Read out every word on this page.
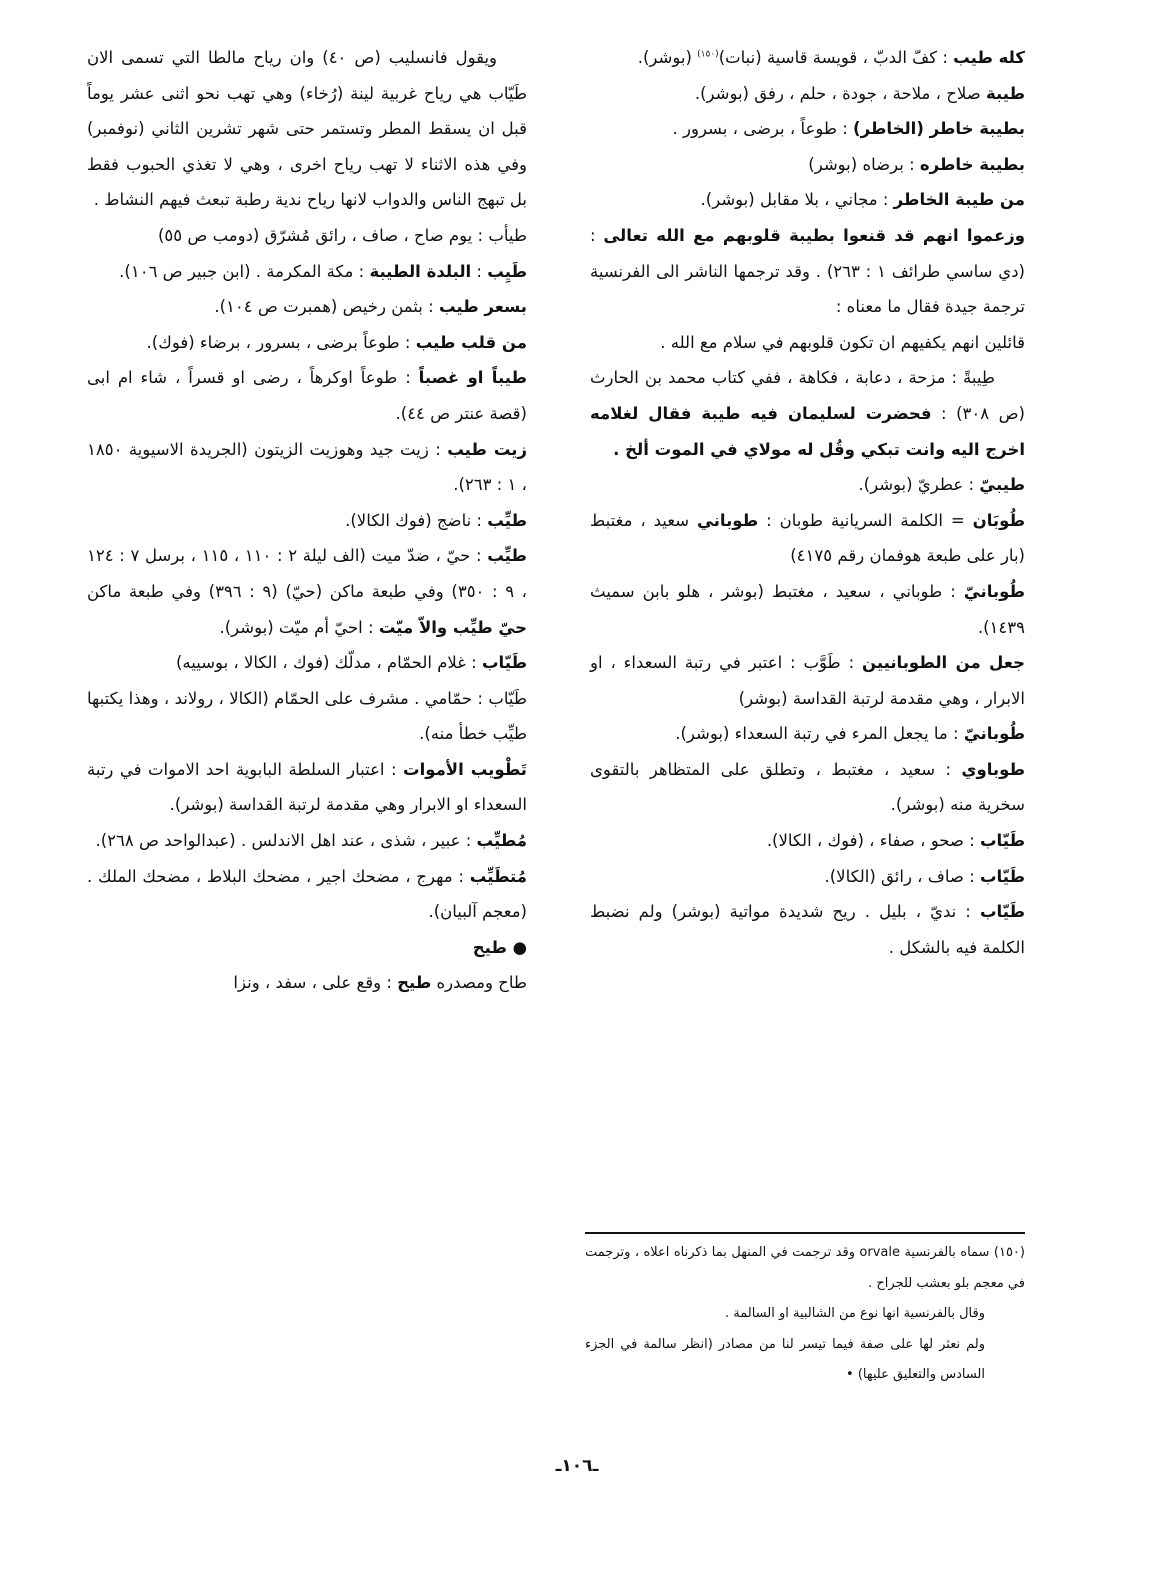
كله طيب : كفّ الدبّ ، قويسة قاسية (نبات)$^{(١٥٠)}$ (بوشر).

طيبة صلاح ، ملاحة ، جودة ، حلم ، رفق (بوشر).

بطيبة خاطر (الخاطر) : طوعاً ، برضى ، بسرور .

بطيبة خاطره : برضاه (بوشر)

من طيبة الخاطر : مجاني ، بلا مقابل (بوشر).

وزعموا انهم قد قنعوا بطيبة قلوبهم مع الله تعالى : (دي ساسي طرائف ١ : ٢٦٣) . وقد ترجمها الناشر الى الفرنسية ترجمة جيدة فقال ما معناه :

قائلين انهم يكفيهم ان تكون قلوبهم في سلام مع الله .

طِيبةً : مزحة ، دعابة ، فكاهة ، ففي كتاب محمد بن الحارث (ص ٣٠٨) : فحضرت لسليمان فيه طيبة فقال لغلامه اخرج اليه وانت تبكي وقُل له مولاي في الموت ألخ .

طيبيّ : عطريّ (بوشر).

طُوبَان = الكلمة السريانية طوبان : طوباني سعيد ، مغتبط (بار على طبعة هوفمان رقم ٤١٧٥)

طُوبانيّ : طوباني ، سعيد ، مغتبط (بوشر ، هلو بابن سميث ١٤٣٩).

جعل من الطوبانيين : طَوَّب : اعتبر في رتبة السعداء ، او الابرار ، وهي مقدمة لرتبة القداسة (بوشر)

طُوبانيّ : ما يجعل المرء في رتبة السعداء (بوشر).

طوباوي : سعيد ، مغتبط ، وتطلق على المتظاهر بالتقوى سخرية منه (بوشر).

طَيّاب : صحو ، صفاء ، (فوك ، الكالا).

طَيّاب : صاف ، رائق (الكالا).

طَيّاب : نديّ ، بليل . ريح شديدة مواتية (بوشر) ولم نضبط الكلمة فيه بالشكل .

ويقول فانسليب (ص ٤٠) وان رياح مالطا التي تسمى الان طَيّاب هي رياح غربية لينة (رُخاء) وهي تهب نحو اثنى عشر يوماً قبل ان يسقط المطر وتستمر حتى شهر تشرين الثاني (نوفمبر) وفي هذه الاثناء لا تهب رياح اخرى ، وهي لا تغذي الحبوب فقط بل تبهج الناس والدواب لانها رياح ندية رطبة تبعث فيهم النشاط .

طيأب : يوم صاح ، صاف ، رائق مُشرّق (دومب ص ٥٥)

طَيِب : البلدة الطيبة : مكة المكرمة . (ابن جبير ص ١٠٦).

بسعر طيب : بثمن رخيص (همبرت ص ١٠٤).

من قلب طيب : طوعاً برضى ، بسرور ، برضاء (فوك).

طيباً او غصباً : طوعاً اوكرهاً ، رضى او قسراً ، شاء ام ابى (قصة عنتر ص ٤٤).

زيت طيب : زيت جيد وهوزيت الزيتون (الجريدة الاسيوية ١٨٥٠ ، ١ : ٢٦٣).

طيِّب : ناضج (فوك الكالا).

طيِّب : حيّ ، ضدّ ميت (الف ليلة ٢ : ١١٠ ، ١١٥ ، برسل ٧ : ١٢٤ ، ٩ : ٣٥٠) وفي طبعة ماكن (حيّ) (٩ : ٣٩٦) وفي طبعة ماكن حيّ طيِّب والاّ ميّت : احيّ أم ميّت (بوشر).

طَيّاب : غلام الحمّام ، مدلّك (فوك ، الكالا ، بوسييه)

طَيّاب : حمّامي . مشرف على الحمّام (الكالا ، رولاند ، وهذا يكتبها طيِّب خطأ منه).

تَطْويب الأموات : اعتبار السلطة البابوية احد الاموات في رتبة السعداء او الابرار وهي مقدمة لرتبة القداسة (بوشر).

مُطيِّب : عبير ، شذى ، عند اهل الاندلس . (عبدالواحد ص ٢٦٨).

مُتطَيِّب : مهرج ، مضحك اجير ، مضحك البلاط ، مضحك الملك . (معجم آلبيان).

● طيح

طاح ومصدره طيح : وقع على ، سفد ، ونزا

(١٥٠) سماه بالفرنسية orvale وقد ترجمت في المنهل بما ذكرناه اعلاه ، وترجمت في معجم بلو بعشب للجراح .

وقال بالفرنسية انها نوع من الشالبية او السالمة .

ولم نعثر لها على صفة فيما تيسر لنا من مصادر (انظر سالمة في الجزء السادس والتعليق عليها) •

ـ١٠٦ـ
